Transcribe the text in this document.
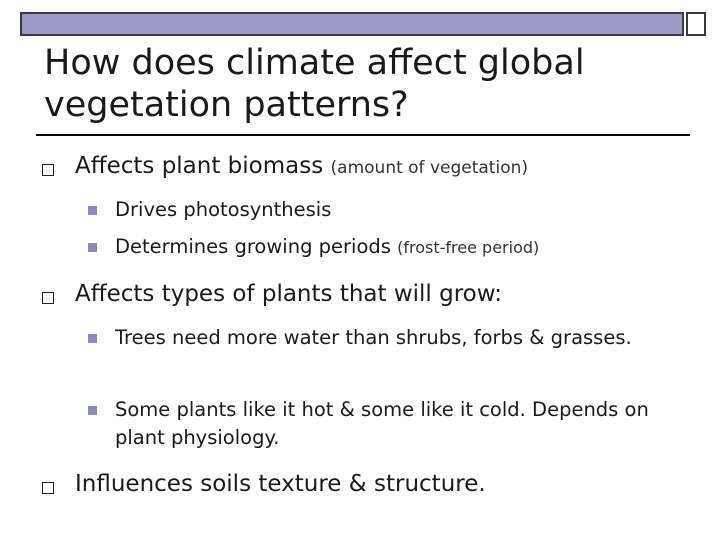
How does climate affect global vegetation patterns?
Affects plant biomass (amount of vegetation)
Drives photosynthesis
Determines growing periods (frost-free period)
Affects types of plants that will grow:
Trees need more water than shrubs, forbs & grasses.
Some plants like it hot & some like it cold. Depends on plant physiology.
Influences soils texture & structure.
